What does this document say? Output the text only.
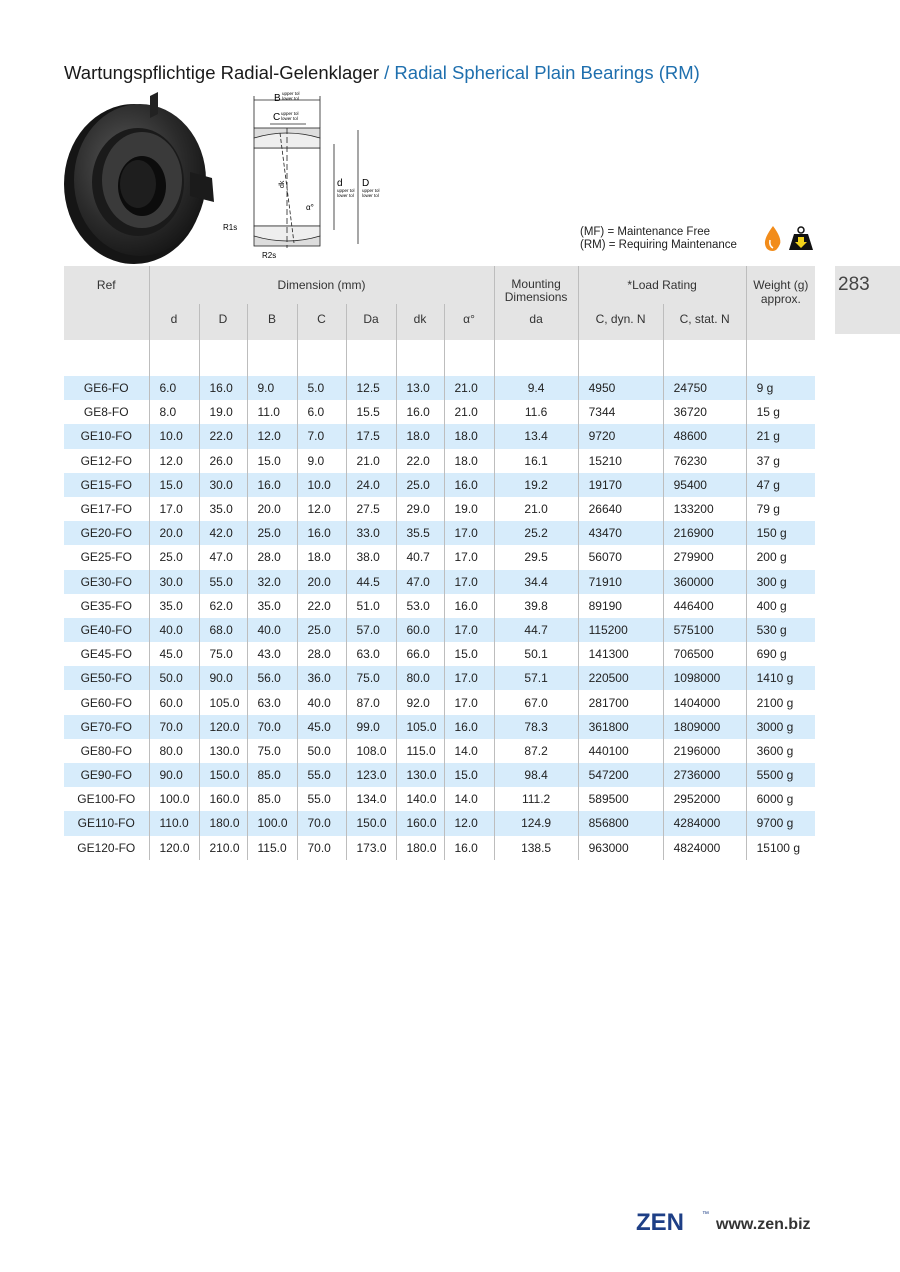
Wartungspflichtige Radial-Gelenklager / Radial Spherical Plain Bearings (RM)
B upper tol
lower tol
C upper tol
lower tol
d
upper tol
lower tol
D
upper tol
lower tol
dk
α°
R1s
R2s
(MF) = Maintenance Free
(RM) = Requiring Maintenance
283
Ref	Dimension (mm)							Mounting Dimensions	*Load Rating		Weight (g) approx.
	d	D	B	C	Da	dk	α°	da	C, dyn. N	C, stat. N	

GE6-FO	6.0	16.0	9.0	5.0	12.5	13.0	21.0	9.4	4950	24750	9 g
GE8-FO	8.0	19.0	11.0	6.0	15.5	16.0	21.0	11.6	7344	36720	15 g
GE10-FO	10.0	22.0	12.0	7.0	17.5	18.0	18.0	13.4	9720	48600	21 g
GE12-FO	12.0	26.0	15.0	9.0	21.0	22.0	18.0	16.1	15210	76230	37 g
GE15-FO	15.0	30.0	16.0	10.0	24.0	25.0	16.0	19.2	19170	95400	47 g
GE17-FO	17.0	35.0	20.0	12.0	27.5	29.0	19.0	21.0	26640	133200	79 g
GE20-FO	20.0	42.0	25.0	16.0	33.0	35.5	17.0	25.2	43470	216900	150 g
GE25-FO	25.0	47.0	28.0	18.0	38.0	40.7	17.0	29.5	56070	279900	200 g
GE30-FO	30.0	55.0	32.0	20.0	44.5	47.0	17.0	34.4	71910	360000	300 g
GE35-FO	35.0	62.0	35.0	22.0	51.0	53.0	16.0	39.8	89190	446400	400 g
GE40-FO	40.0	68.0	40.0	25.0	57.0	60.0	17.0	44.7	115200	575100	530 g
GE45-FO	45.0	75.0	43.0	28.0	63.0	66.0	15.0	50.1	141300	706500	690 g
GE50-FO	50.0	90.0	56.0	36.0	75.0	80.0	17.0	57.1	220500	1098000	1410 g
GE60-FO	60.0	105.0	63.0	40.0	87.0	92.0	17.0	67.0	281700	1404000	2100 g
GE70-FO	70.0	120.0	70.0	45.0	99.0	105.0	16.0	78.3	361800	1809000	3000 g
GE80-FO	80.0	130.0	75.0	50.0	108.0	115.0	14.0	87.2	440100	2196000	3600 g
GE90-FO	90.0	150.0	85.0	55.0	123.0	130.0	15.0	98.4	547200	2736000	5500 g
GE100-FO	100.0	160.0	85.0	55.0	134.0	140.0	14.0	111.2	589500	2952000	6000 g
GE110-FO	110.0	180.0	100.0	70.0	150.0	160.0	12.0	124.9	856800	4284000	9700 g
GE120-FO	120.0	210.0	115.0	70.0	173.0	180.0	16.0	138.5	963000	4824000	15100 g
ZEN	™
www.zen.biz
